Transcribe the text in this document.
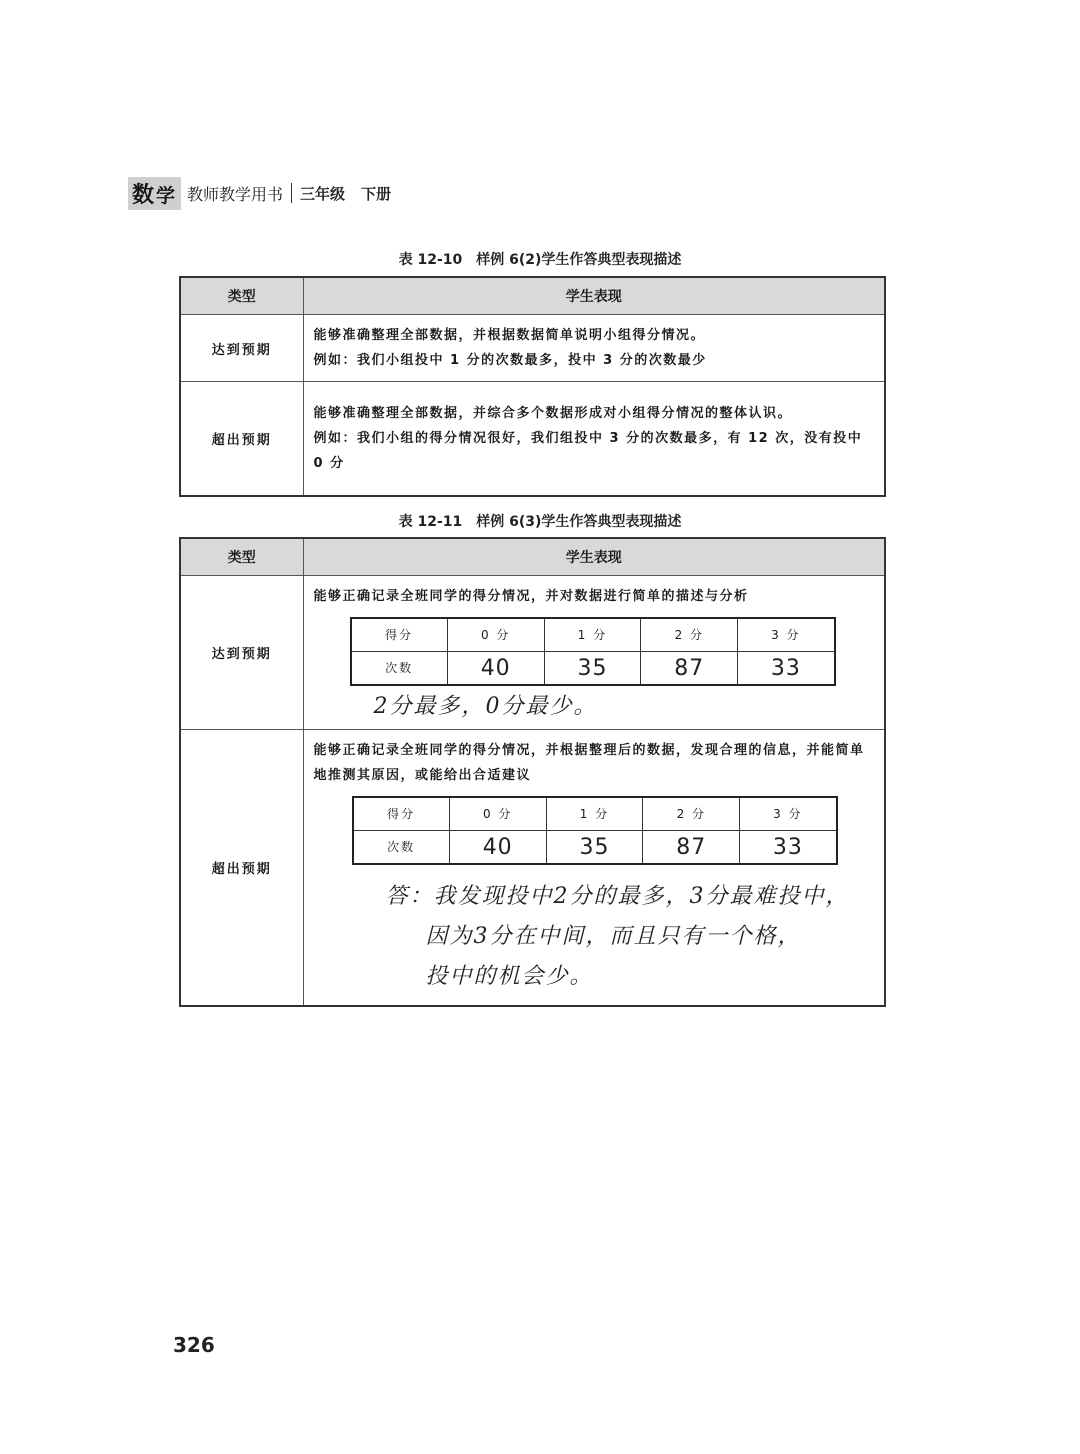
数学 教师教学用书 三年级 下册
表 12-10　样例 6(2)学生作答典型表现描述
类型	学生表现
达到预期	能够准确整理全部数据，并根据数据简单说明小组得分情况。
例如：我们小组投中 1 分的次数最多，投中 3 分的次数最少

超出预期	能够准确整理全部数据，并综合多个数据形成对小组得分情况的整体认识。
例如：我们小组的得分情况很好，我们组投中 3 分的次数最多，有 12 次，没有投中 0 分
表 12-11　样例 6(3)学生作答典型表现描述
类型	学生表现
达到预期	
能够正确记录全班同学的得分情况，并对数据进行简单的描述与分析
得分	0 分	1 分	2 分	3 分
次数	40	35	87	33
2分最多，0分最少。

超出预期	
能够正确记录全班同学的得分情况，并根据整理后的数据，发现合理的信息，并能简单地推测其原因，或能给出合适建议
得分	0 分	1 分	2 分	3 分
次数	40	35	87	33
答：我发现投中2分的最多，3分最难投中，
因为3分在中间，而且只有一个格，
投中的机会少。
326
